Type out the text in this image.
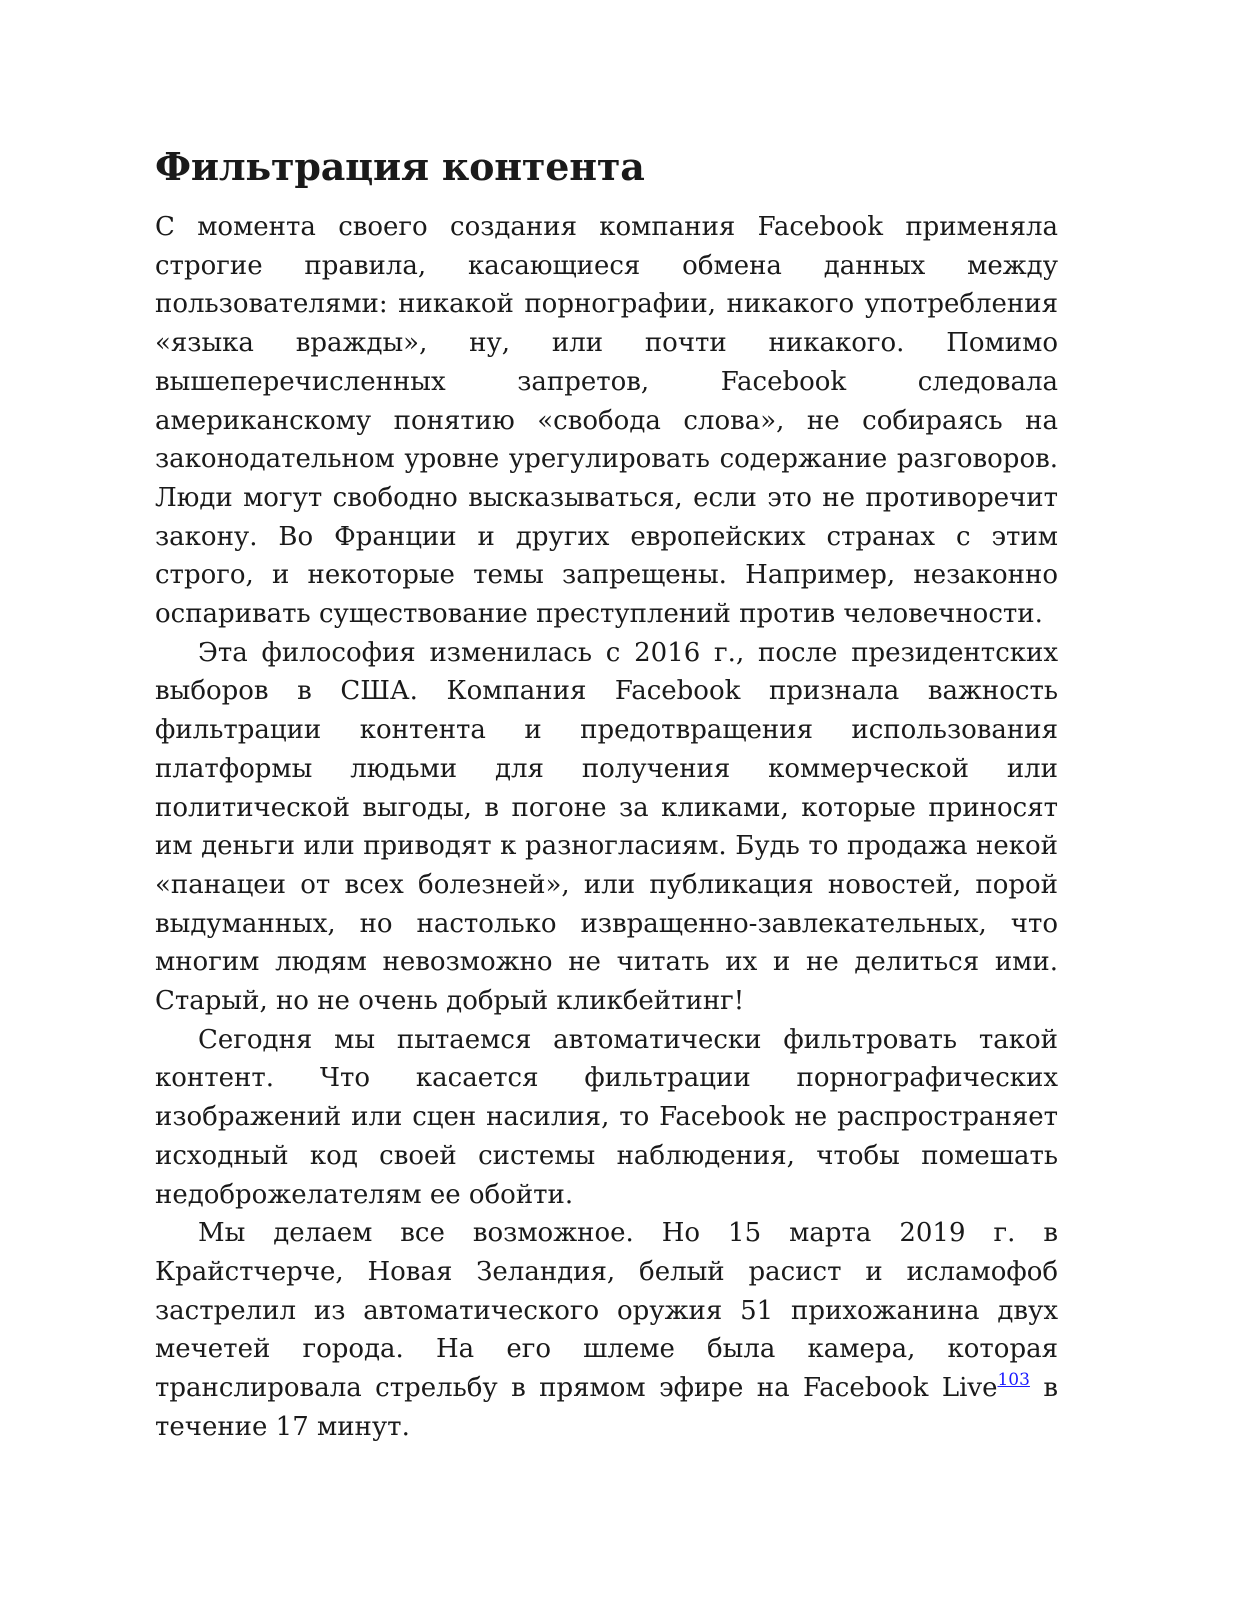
Фильтрация контента

С момента своего создания компания Facebook применяла строгие правила, касающиеся обмена данных между пользователями: никакой порнографии, никакого употребления «языка вражды», ну, или почти никакого. Помимо вышеперечисленных запретов, Facebook следовала американскому понятию «свобода слова», не собираясь на законодательном уровне урегулировать содержание разговоров. Люди могут свободно высказываться, если это не противоречит закону. Во Франции и других европейских странах с этим строго, и некоторые темы запрещены. Например, незаконно оспаривать существование преступлений против человечности.

Эта философия изменилась с 2016 г., после президентских выборов в США. Компания Facebook признала важность фильтрации контента и предотвращения использования платформы людьми для получения коммерческой или политической выгоды, в погоне за кликами, которые приносят им деньги или приводят к разногласиям. Будь то продажа некой «панацеи от всех болезней», или публикация новостей, порой выдуманных, но настолько извращенно-завлекательных, что многим людям невозможно не читать их и не делиться ими. Старый, но не очень добрый кликбейтинг!

Сегодня мы пытаемся автоматически фильтровать такой контент. Что касается фильтрации порнографических изображений или сцен насилия, то Facebook не распространяет исходный код своей системы наблюдения, чтобы помешать недоброжелателям ее обойти.

Мы делаем все возможное. Но 15 марта 2019 г. в Крайстчерче, Новая Зеландия, белый расист и исламофоб застрелил из автоматического оружия 51 прихожанина двух мечетей города. На его шлеме была камера, которая транслировала стрельбу в прямом эфире на Facebook Live$^{103}$ в течение 17 минут.
